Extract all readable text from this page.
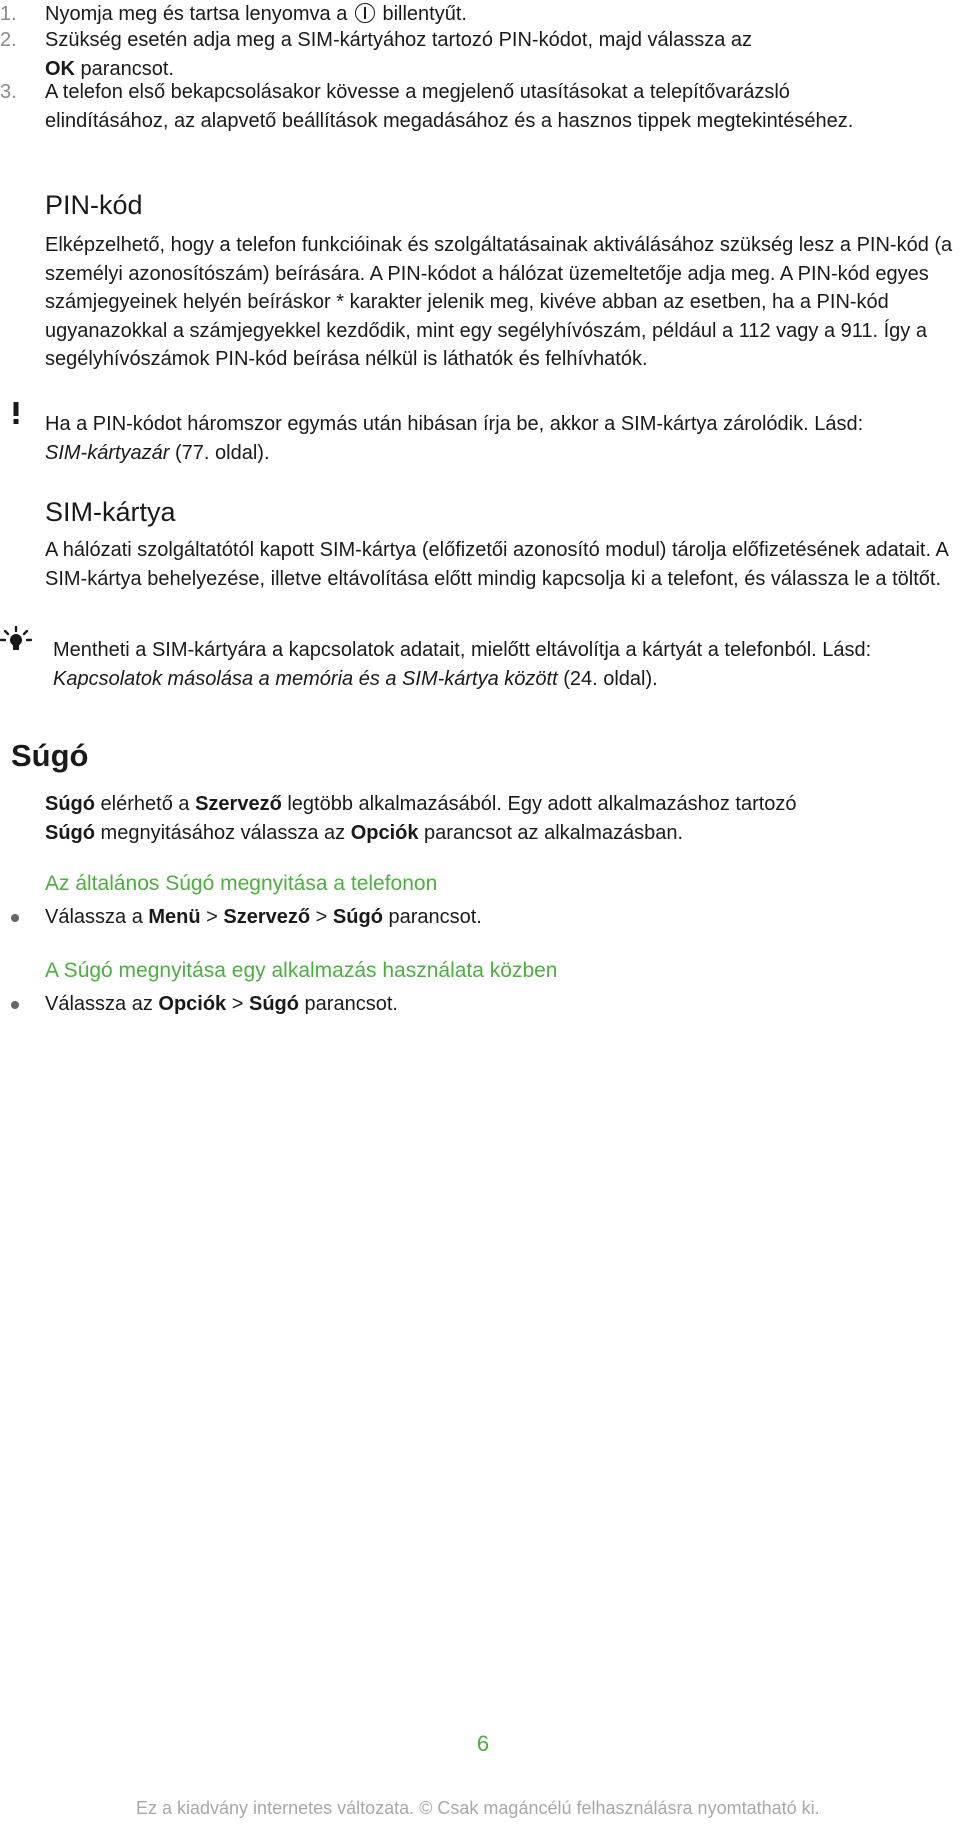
1.	Nyomja meg és tartsa lenyomva a billentyűt.
2.	Szükség esetén adja meg a SIM-kártyához tartozó PIN-kódot, majd válassza az
OK parancsot.
3.	A telefon első bekapcsolásakor kövesse a megjelenő utasításokat a telepítővarázsló elindításához, az alapvető beállítások megadásához és a hasznos tippek megtekintéséhez.
PIN-kód
Elképzelhető, hogy a telefon funkcióinak és szolgáltatásainak aktiválásához szükség lesz a PIN-kód (a személyi azonosítószám) beírására. A PIN-kódot a hálózat üzemeltetője adja meg. A PIN-kód egyes számjegyeinek helyén beíráskor * karakter jelenik meg, kivéve abban az esetben, ha a PIN-kód ugyanazokkal a számjegyekkel kezdődik, mint egy segélyhívószám, például a 112 vagy a 911. Így a segélyhívószámok PIN-kód beírása nélkül is láthatók és felhívhatók.
Ha a PIN-kódot háromszor egymás után hibásan írja be, akkor a SIM-kártya zárolódik. Lásd:
SIM-kártyazár (77. oldal).
SIM-kártya
A hálózati szolgáltatótól kapott SIM-kártya (előfizetői azonosító modul) tárolja előfizetésének adatait. A SIM-kártya behelyezése, illetve eltávolítása előtt mindig kapcsolja ki a telefont, és válassza le a töltőt.
Mentheti a SIM-kártyára a kapcsolatok adatait, mielőtt eltávolítja a kártyát a telefonból. Lásd:
Kapcsolatok másolása a memória és a SIM-kártya között (24. oldal).
Súgó
Súgó elérhető a Szervező legtöbb alkalmazásából. Egy adott alkalmazáshoz tartozó
Súgó megnyitásához válassza az Opciók parancsot az alkalmazásban.
Az általános Súgó megnyitása a telefonon
Válassza a Menü > Szervező > Súgó parancsot.
A Súgó megnyitása egy alkalmazás használata közben
Válassza az Opciók > Súgó parancsot.
6
Ez a kiadvány internetes változata. © Csak magáncélú felhasználásra nyomtatható ki.
